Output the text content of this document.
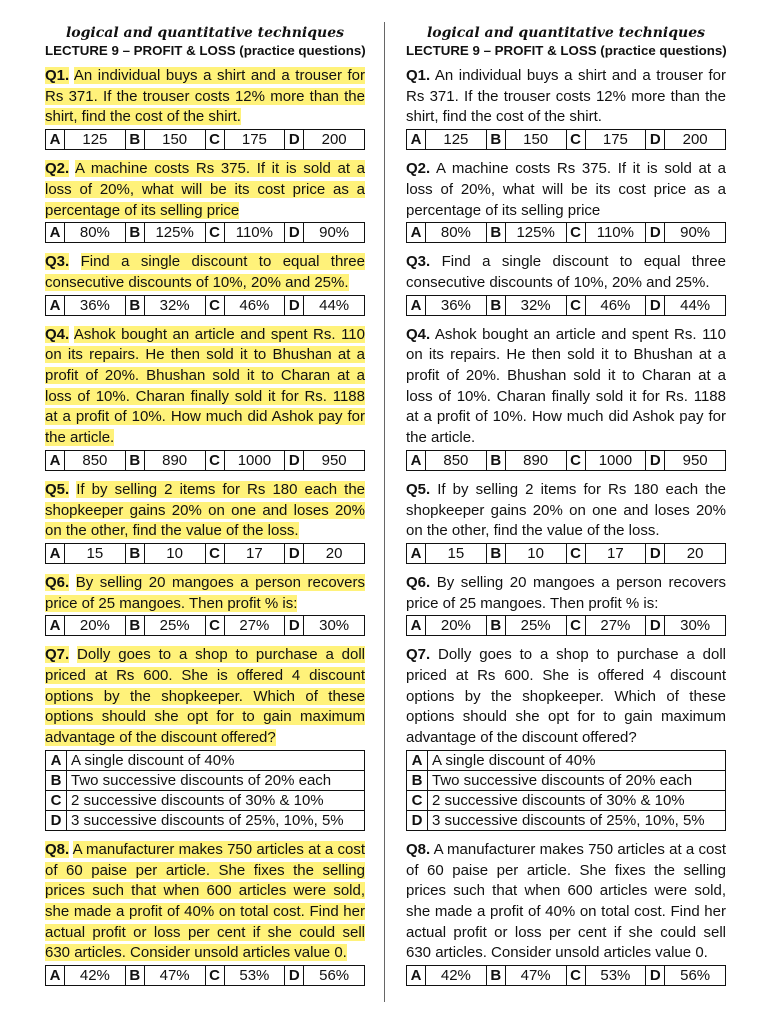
logical and quantitative techniques
LECTURE 9 – PROFIT & LOSS (practice questions)

Q1. An individual buys a shirt and a trouser for Rs 371. If the trouser costs 12% more than the shirt, find the cost of the shirt.

A	125	B	150	C	175	D	200

Q2. A machine costs Rs 375. If it is sold at a loss of 20%, what will be its cost price as a percentage of its selling price

A	80%	B	125%	C	110%	D	90%

Q3. Find a single discount to equal three consecutive discounts of 10%, 20% and 25%.

A	36%	B	32%	C	46%	D	44%

Q4. Ashok bought an article and spent Rs. 110 on its repairs. He then sold it to Bhushan at a profit of 20%. Bhushan sold it to Charan at a loss of 10%. Charan finally sold it for Rs. 1188 at a profit of 10%. How much did Ashok pay for the article.

A	850	B	890	C	1000	D	950

Q5. If by selling 2 items for Rs 180 each the shopkeeper gains 20% on one and loses 20% on the other, find the value of the loss.

A	15	B	10	C	17	D	20

Q6. By selling 20 mangoes a person recovers price of 25 mangoes. Then profit % is:

A	20%	B	25%	C	27%	D	30%

Q7. Dolly goes to a shop to purchase a doll priced at Rs 600. She is offered 4 discount options by the shopkeeper. Which of these options should she opt for to gain maximum advantage of the discount offered?

A	A single discount of 40%
B	Two successive discounts of 20% each
C	2 successive discounts of 30% & 10%
D	3 successive discounts of 25%, 10%, 5%

Q8. A manufacturer makes 750 articles at a cost of 60 paise per article. She fixes the selling prices such that when 600 articles were sold, she made a profit of 40% on total cost. Find her actual profit or loss per cent if she could sell 630 articles. Consider unsold articles value 0.

A	42%	B	47%	C	53%	D	56%
logical and quantitative techniques
LECTURE 9 – PROFIT & LOSS (practice questions)

Q1. An individual buys a shirt and a trouser for Rs 371. If the trouser costs 12% more than the shirt, find the cost of the shirt.

A	125	B	150	C	175	D	200

Q2. A machine costs Rs 375. If it is sold at a loss of 20%, what will be its cost price as a percentage of its selling price

A	80%	B	125%	C	110%	D	90%

Q3. Find a single discount to equal three consecutive discounts of 10%, 20% and 25%.

A	36%	B	32%	C	46%	D	44%

Q4. Ashok bought an article and spent Rs. 110 on its repairs. He then sold it to Bhushan at a profit of 20%. Bhushan sold it to Charan at a loss of 10%. Charan finally sold it for Rs. 1188 at a profit of 10%. How much did Ashok pay for the article.

A	850	B	890	C	1000	D	950

Q5. If by selling 2 items for Rs 180 each the shopkeeper gains 20% on one and loses 20% on the other, find the value of the loss.

A	15	B	10	C	17	D	20

Q6. By selling 20 mangoes a person recovers price of 25 mangoes. Then profit % is:

A	20%	B	25%	C	27%	D	30%

Q7. Dolly goes to a shop to purchase a doll priced at Rs 600. She is offered 4 discount options by the shopkeeper. Which of these options should she opt for to gain maximum advantage of the discount offered?

A	A single discount of 40%
B	Two successive discounts of 20% each
C	2 successive discounts of 30% & 10%
D	3 successive discounts of 25%, 10%, 5%

Q8. A manufacturer makes 750 articles at a cost of 60 paise per article. She fixes the selling prices such that when 600 articles were sold, she made a profit of 40% on total cost. Find her actual profit or loss per cent if she could sell 630 articles. Consider unsold articles value 0.

A	42%	B	47%	C	53%	D	56%
